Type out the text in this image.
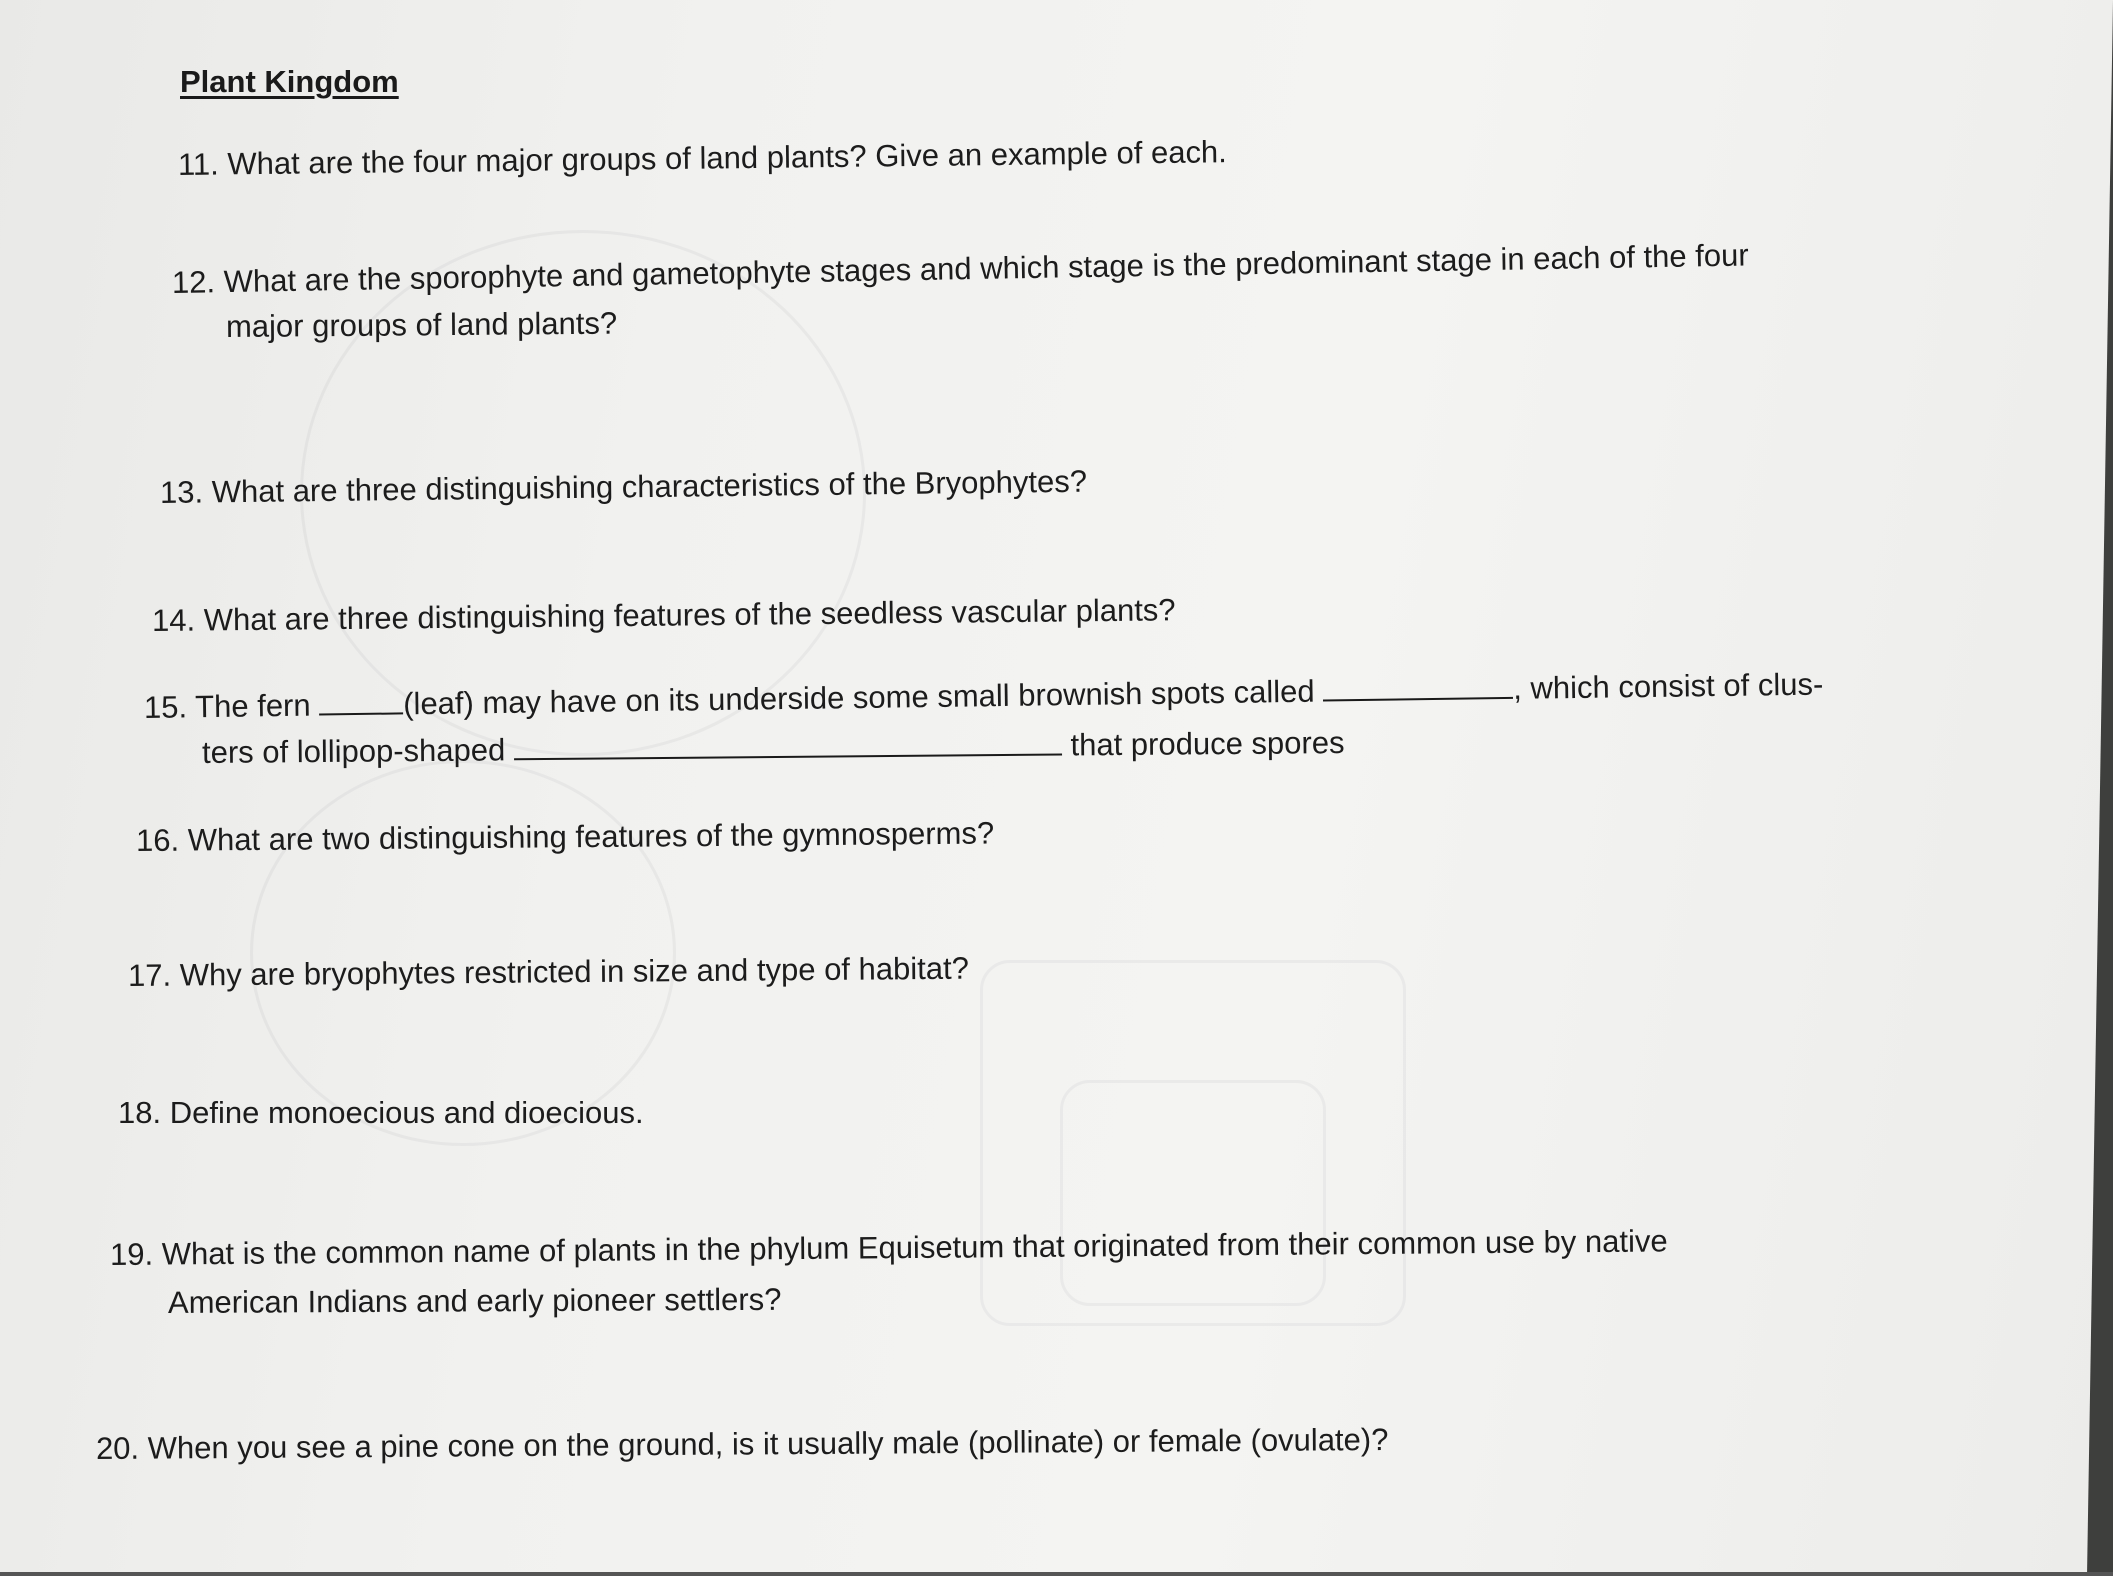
Plant Kingdom
11. What are the four major groups of land plants? Give an example of each.
12. What are the sporophyte and gametophyte stages and which stage is the predominant stage in each of the four
major groups of land plants?
13. What are three distinguishing characteristics of the Bryophytes?
14. What are three distinguishing features of the seedless vascular plants?
15. The fern	(leaf) may have on its underside some small brownish spots called	, which consist of clus-
ters of lollipop-shaped	that produce spores
16. What are two distinguishing features of the gymnosperms?
17. Why are bryophytes restricted in size and type of habitat?
18. Define monoecious and dioecious.
19. What is the common name of plants in the phylum Equisetum that originated from their common use by native
American Indians and early pioneer settlers?
20. When you see a pine cone on the ground, is it usually male (pollinate) or female (ovulate)?
